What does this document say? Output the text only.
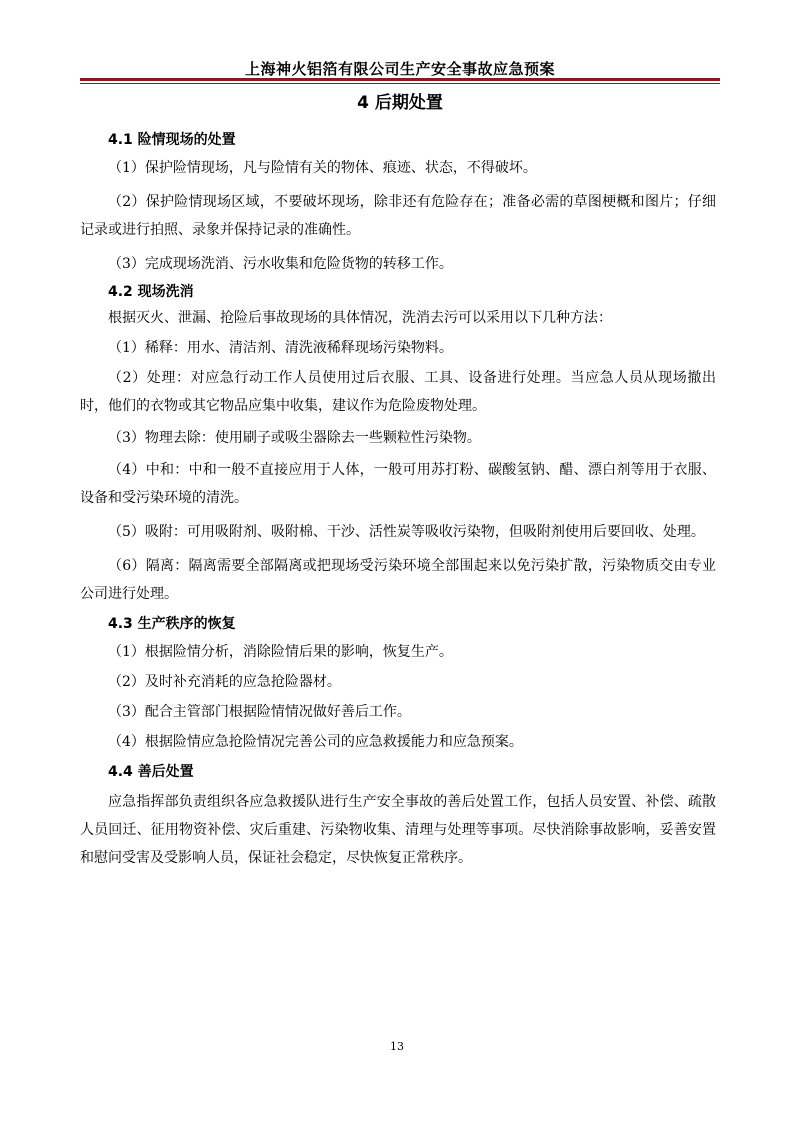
上海神火铝箔有限公司生产安全事故应急预案
4 后期处置
4.1 险情现场的处置

（1）保护险情现场，凡与险情有关的物体、痕迹、状态，不得破坏。

（2）保护险情现场区域，不要破坏现场，除非还有危险存在；准备必需的草图梗概和图片；仔细记录或进行拍照、录象并保持记录的准确性。

（3）完成现场洗消、污水收集和危险货物的转移工作。

4.2 现场洗消

根据灭火、泄漏、抢险后事故现场的具体情况，洗消去污可以采用以下几种方法：

（1）稀释：用水、清洁剂、清洗液稀释现场污染物料。

（2）处理：对应急行动工作人员使用过后衣服、工具、设备进行处理。当应急人员从现场撤出时，他们的衣物或其它物品应集中收集，建议作为危险废物处理。

（3）物理去除：使用刷子或吸尘器除去一些颗粒性污染物。

（4）中和：中和一般不直接应用于人体，一般可用苏打粉、碳酸氢钠、醋、漂白剂等用于衣服、设备和受污染环境的清洗。

（5）吸附：可用吸附剂、吸附棉、干沙、活性炭等吸收污染物，但吸附剂使用后要回收、处理。

（6）隔离：隔离需要全部隔离或把现场受污染环境全部围起来以免污染扩散，污染物质交由专业公司进行处理。

4.3 生产秩序的恢复

（1）根据险情分析，消除险情后果的影响，恢复生产。

（2）及时补充消耗的应急抢险器材。

（3）配合主管部门根据险情情况做好善后工作。

（4）根据险情应急抢险情况完善公司的应急救援能力和应急预案。

4.4 善后处置

应急指挥部负责组织各应急救援队进行生产安全事故的善后处置工作，包括人员安置、补偿、疏散人员回迁、征用物资补偿、灾后重建、污染物收集、清理与处理等事项。尽快消除事故影响，妥善安置和慰问受害及受影响人员，保证社会稳定，尽快恢复正常秩序。

13
